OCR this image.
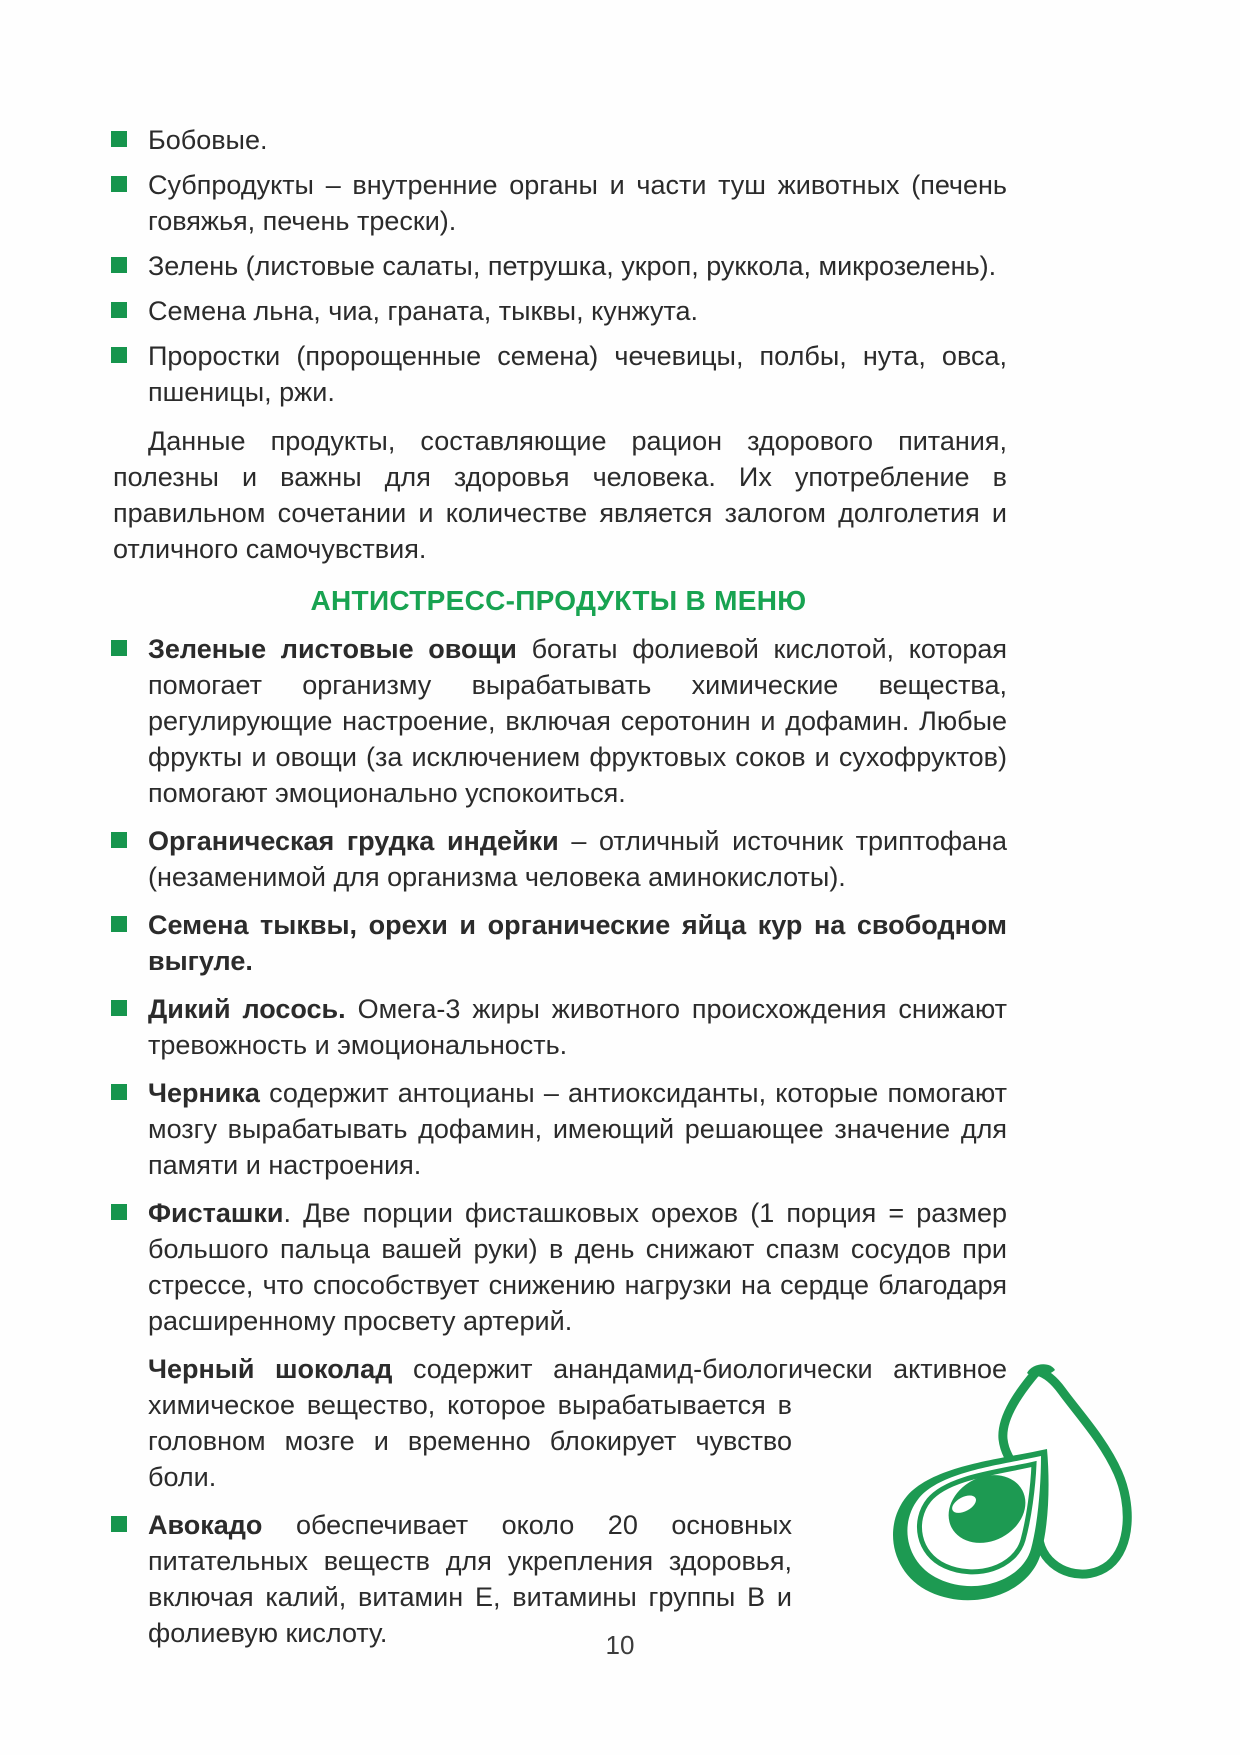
Бобовые.
Субпродукты – внутренние органы и части туш животных (печень говяжья, печень трески).
Зелень (листовые салаты, петрушка, укроп, руккола, микрозелень).
Семена льна, чиа, граната, тыквы, кунжута.
Проростки (пророщенные семена) чечевицы, полбы, нута, овса, пшеницы, ржи.

Данные продукты, составляющие рацион здорового питания, полезны и важны для здоровья человека. Их употребление в правильном сочетании и количестве является залогом долголетия и отличного самочувствия.

АНТИСТРЕСС-ПРОДУКТЫ В МЕНЮ
Зеленые листовые овощи богаты фолиевой кислотой, которая помогает организму вырабатывать химические вещества, регулирующие настроение, включая серотонин и дофамин. Любые фрукты и овощи (за исключением фруктовых соков и сухофруктов) помогают эмоционально успокоиться.
Органическая грудка индейки – отличный источник триптофана (незаменимой для организма человека аминокислоты).
Семена тыквы, орехи и органические яйца кур на свободном выгуле.
Дикий лосось. Омега-3 жиры животного происхождения снижают тревожность и эмоциональность.
Черника содержит антоцианы – антиоксиданты, которые помогают мозгу вырабатывать дофамин, имеющий решающее значение для памяти и настроения.
Фисташки. Две порции фисташковых орехов (1 порция = размер большого пальца вашей руки) в день снижают спазм сосудов при стрессе, что способствует снижению нагрузки на сердце благодаря расширенному просвету артерий.
Черный шоколад содержит анандамид-биологически активное химическое вещество, которое вырабатывается в головном мозге и временно блокирует чувство боли.
Авокадо обеспечивает около 20 основных питательных веществ для укрепления здоровья, включая калий, витамин Е, витамины группы В и фолиевую кислоту.	10
